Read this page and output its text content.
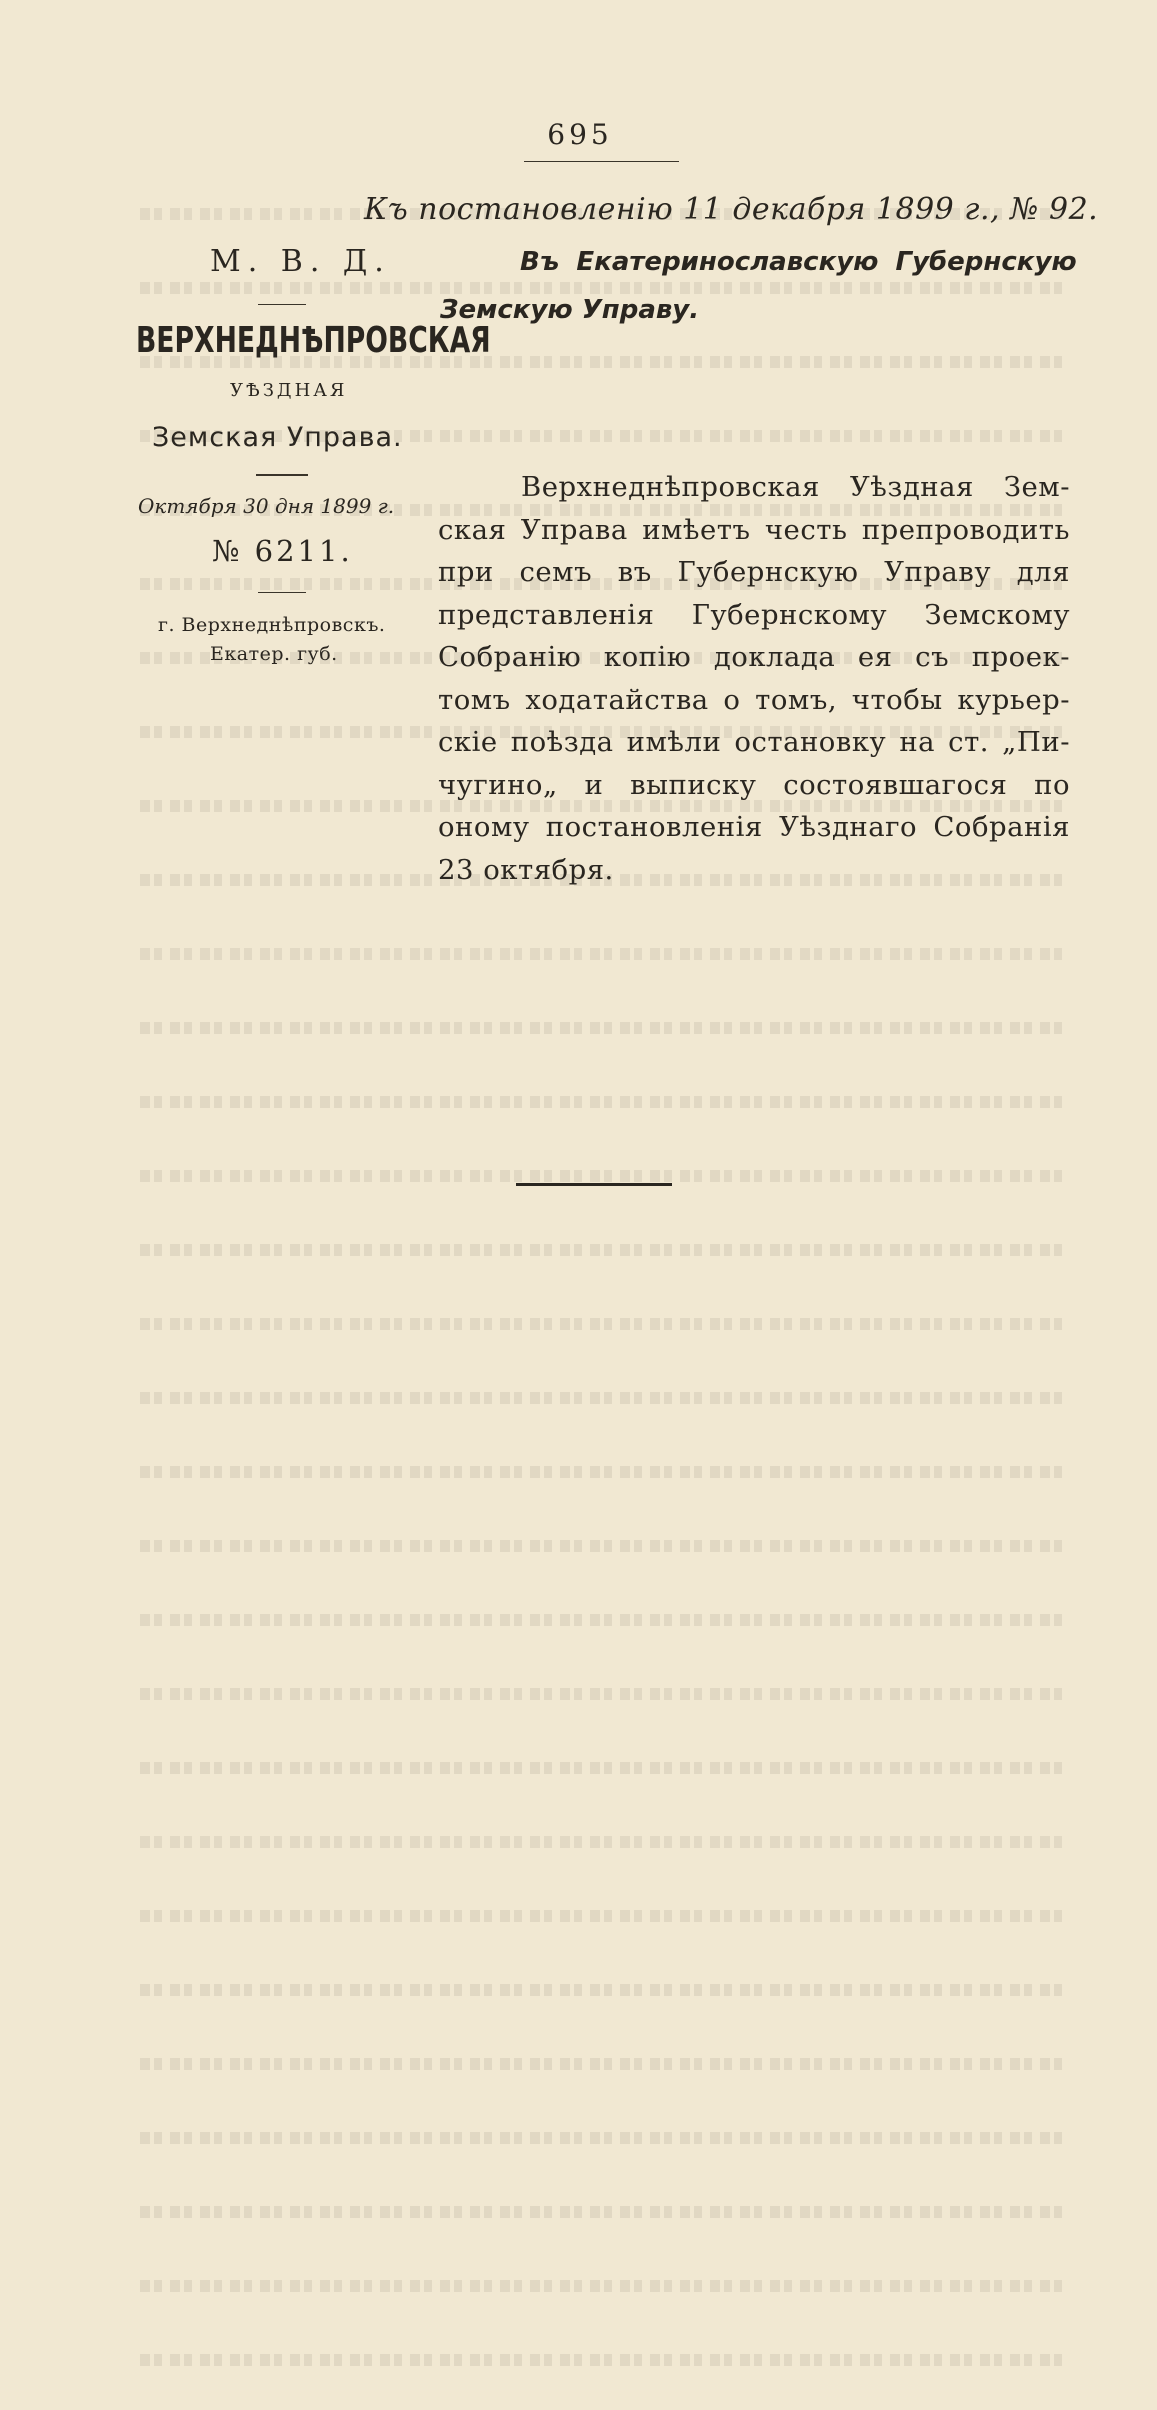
695
Къ постановленію 11 декабря 1899 г., № 92.
М. В. Д.	Въ Екатеринославскую Губернскую
Земскую Управу.
ВЕРХНЕДНѢПРОВСКАЯ
УѢЗДНАЯ
Земская Управа.
Октября 30 дня 1899 г.
№ 6211.
г. Верхнеднѣпровскъ.
Екатер. губ.
Верхнеднѣпровская Уѣздная Зем-
ская Управа имѣетъ честь препроводить
при семъ въ Губернскую Управу для
представленія Губернскому Земскому
Собранію копію доклада ея съ проек-
томъ ходатайства о томъ, чтобы курьер-
скіе поѣзда имѣли остановку на ст. „Пи-
чугино„ и выписку состоявшагося по
оному постановленія Уѣзднаго Собранія
23 октября.
